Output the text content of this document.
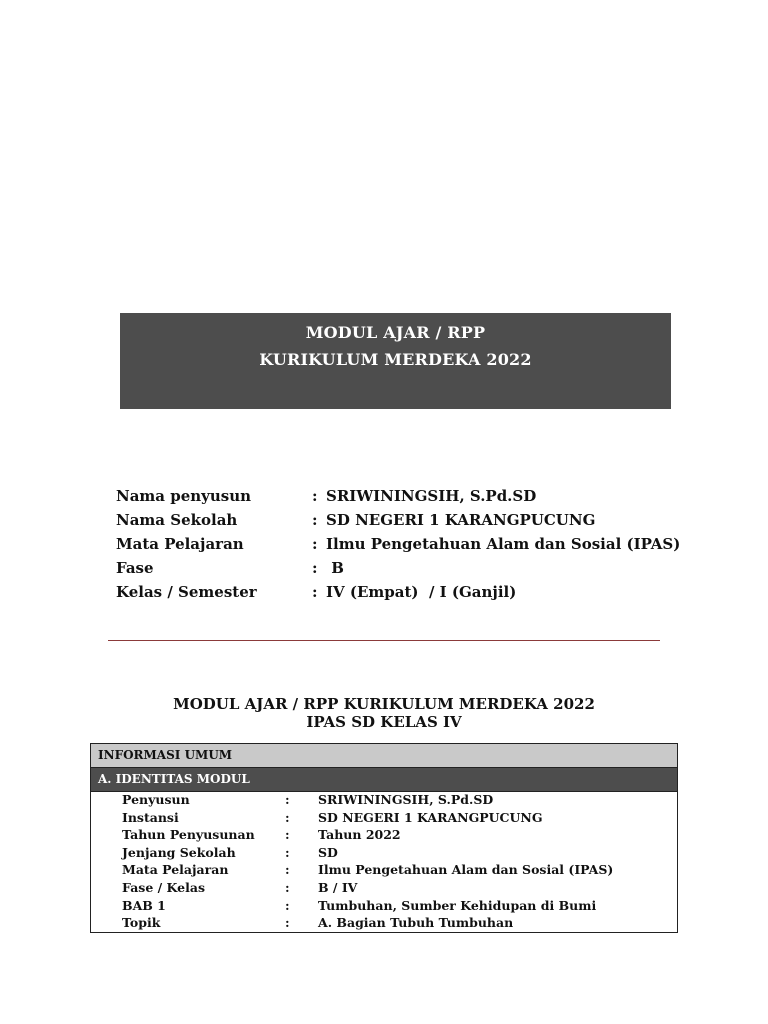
MODUL AJAR / RPP
KURIKULUM MERDEKA 2022
Nama penyusun	: SRIWININGSIH, S.Pd.SD
Nama Sekolah	: SD NEGERI 1 KARANGPUCUNG
Mata Pelajaran	: Ilmu Pengetahuan Alam dan Sosial (IPAS)
Fase	: B
Kelas / Semester	: IV (Empat)  / I (Ganjil)
MODUL AJAR / RPP KURIKULUM MERDEKA 2022
IPAS SD KELAS IV
INFORMASI UMUM
A. IDENTITAS MODUL
Penyusun	: SRIWININGSIH, S.Pd.SD
Instansi	: SD NEGERI 1 KARANGPUCUNG
Tahun Penyusunan : Tahun 2022
Jenjang Sekolah	: SD
Mata Pelajaran	: Ilmu Pengetahuan Alam dan Sosial (IPAS)
Fase / Kelas	: B / IV
BAB 1	: Tumbuhan, Sumber Kehidupan di Bumi
Topik	: A. Bagian Tubuh Tumbuhan
